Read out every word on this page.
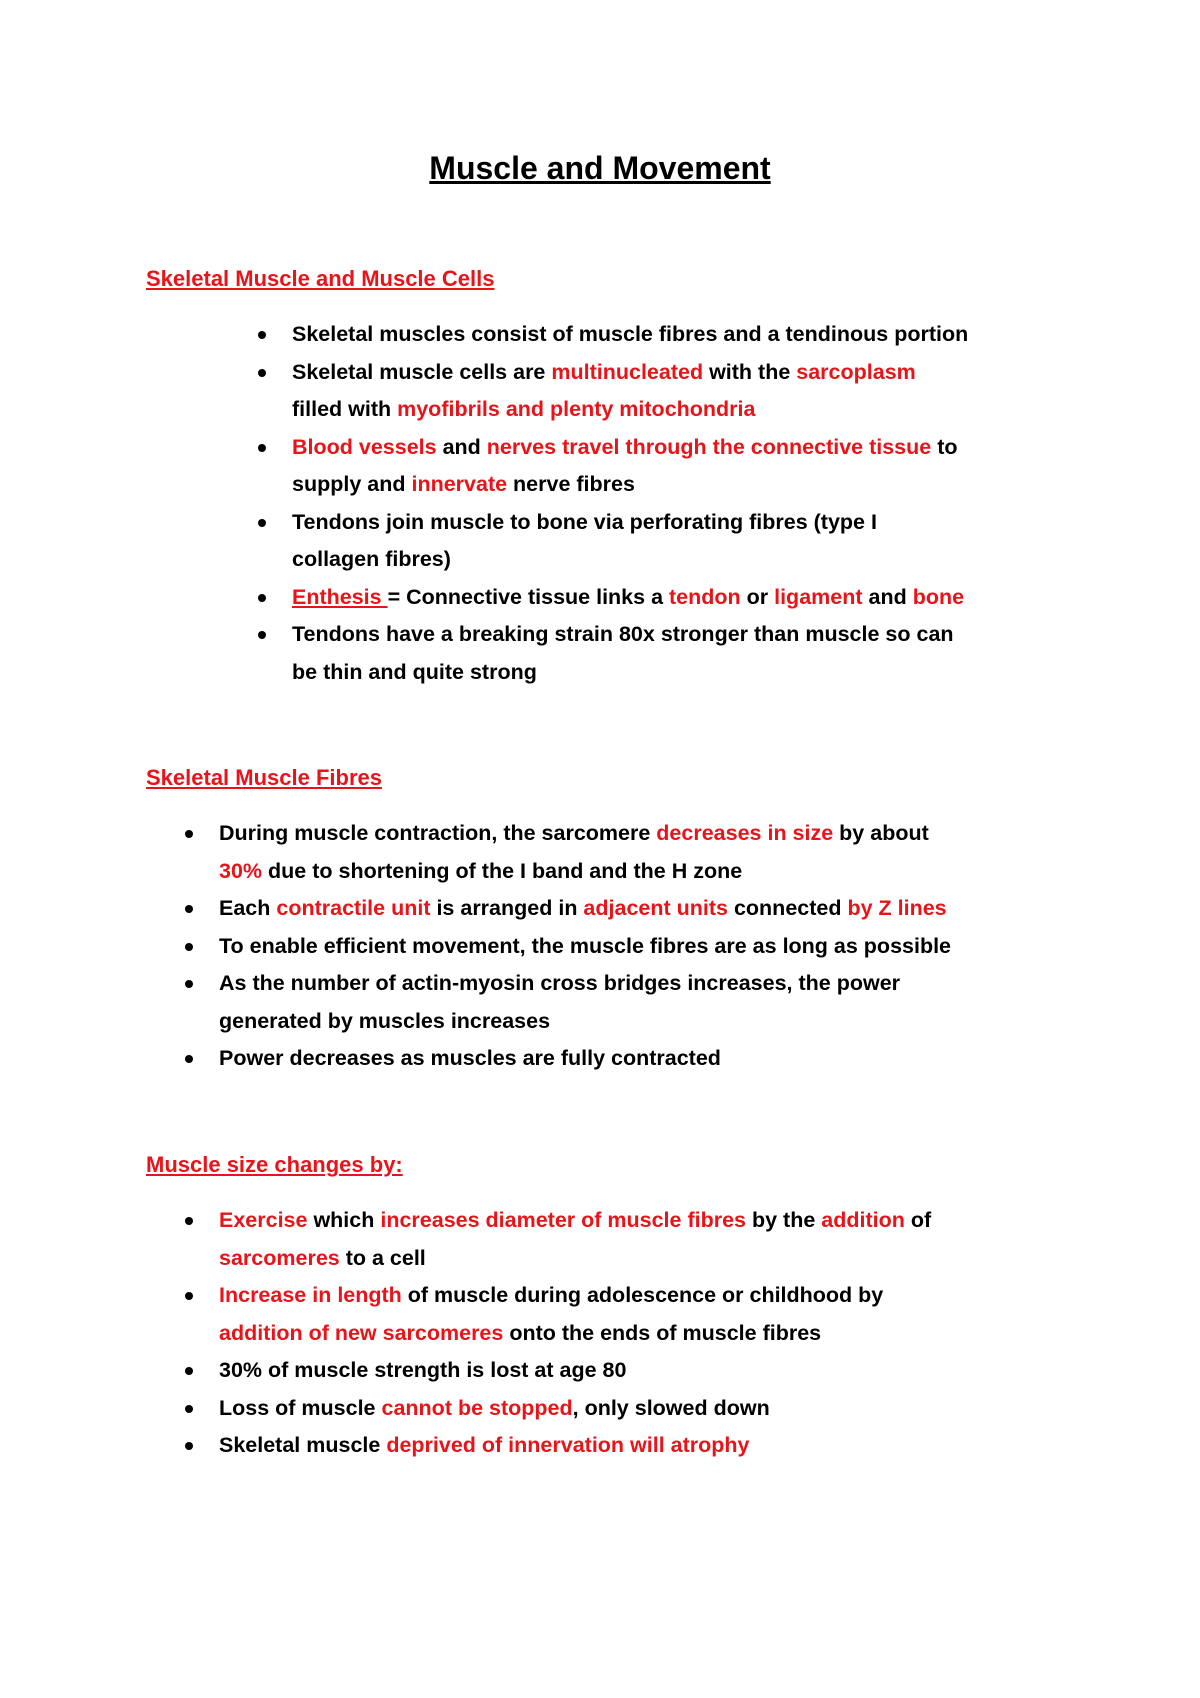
Muscle and Movement
Skeletal Muscle and Muscle Cells
Skeletal muscles consist of muscle fibres and a tendinous portion
Skeletal muscle cells are multinucleated with the sarcoplasm
filled with myofibrils and plenty mitochondria
Blood vessels and nerves travel through the connective tissue to
supply and innervate nerve fibres
Tendons join muscle to bone via perforating fibres (type I
collagen fibres)
Enthesis = Connective tissue links a tendon or ligament and bone
Tendons have a breaking strain 80x stronger than muscle so can
be thin and quite strong
Skeletal Muscle Fibres
During muscle contraction, the sarcomere decreases in size by about
30% due to shortening of the I band and the H zone
Each contractile unit is arranged in adjacent units connected by Z lines
To enable efficient movement, the muscle fibres are as long as possible
As the number of actin-myosin cross bridges increases, the power
generated by muscles increases
Power decreases as muscles are fully contracted
Muscle size changes by:
Exercise which increases diameter of muscle fibres by the addition of
sarcomeres to a cell
Increase in length of muscle during adolescence or childhood by
addition of new sarcomeres onto the ends of muscle fibres
30% of muscle strength is lost at age 80
Loss of muscle cannot be stopped, only slowed down
Skeletal muscle deprived of innervation will atrophy
